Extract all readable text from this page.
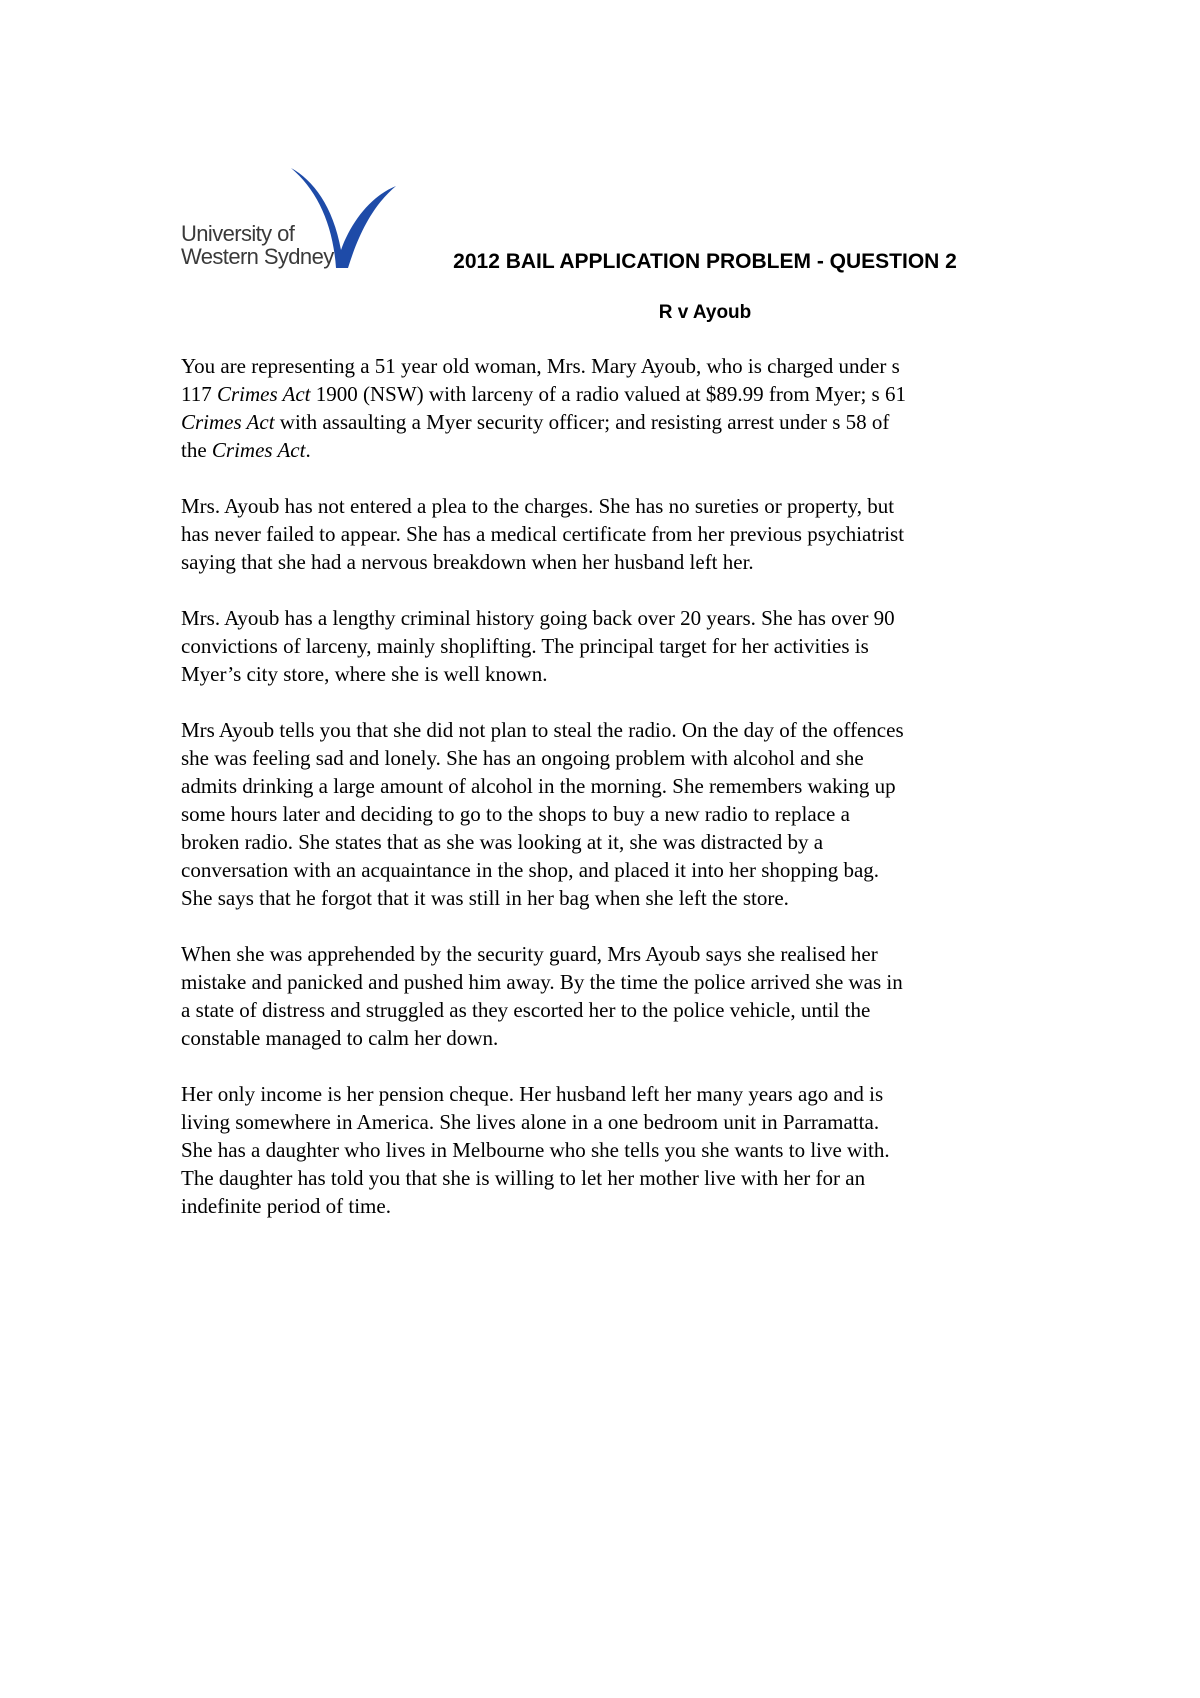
University of
Western Sydney	2012 BAIL APPLICATION PROBLEM - QUESTION 2
R v Ayoub

You are representing a 51 year old woman, Mrs. Mary Ayoub, who is charged under s
117 Crimes Act 1900 (NSW) with larceny of a radio valued at $89.99 from Myer; s 61
Crimes Act with assaulting a Myer security officer; and resisting arrest under s 58 of
the Crimes Act.

Mrs. Ayoub has not entered a plea to the charges. She has no sureties or property, but
has never failed to appear. She has a medical certificate from her previous psychiatrist
saying that she had a nervous breakdown when her husband left her.

Mrs. Ayoub has a lengthy criminal history going back over 20 years. She has over 90
convictions of larceny, mainly shoplifting. The principal target for her activities is
Myer’s city store, where she is well known.

Mrs Ayoub tells you that she did not plan to steal the radio. On the day of the offences
she was feeling sad and lonely. She has an ongoing problem with alcohol and she
admits drinking a large amount of alcohol in the morning. She remembers waking up
some hours later and deciding to go to the shops to buy a new radio to replace a
broken radio. She states that as she was looking at it, she was distracted by a
conversation with an acquaintance in the shop, and placed it into her shopping bag.
She says that he forgot that it was still in her bag when she left the store.

When she was apprehended by the security guard, Mrs Ayoub says she realised her
mistake and panicked and pushed him away. By the time the police arrived she was in
a state of distress and struggled as they escorted her to the police vehicle, until the
constable managed to calm her down.

Her only income is her pension cheque. Her husband left her many years ago and is
living somewhere in America. She lives alone in a one bedroom unit in Parramatta.
She has a daughter who lives in Melbourne who she tells you she wants to live with.
The daughter has told you that she is willing to let her mother live with her for an
indefinite period of time.
